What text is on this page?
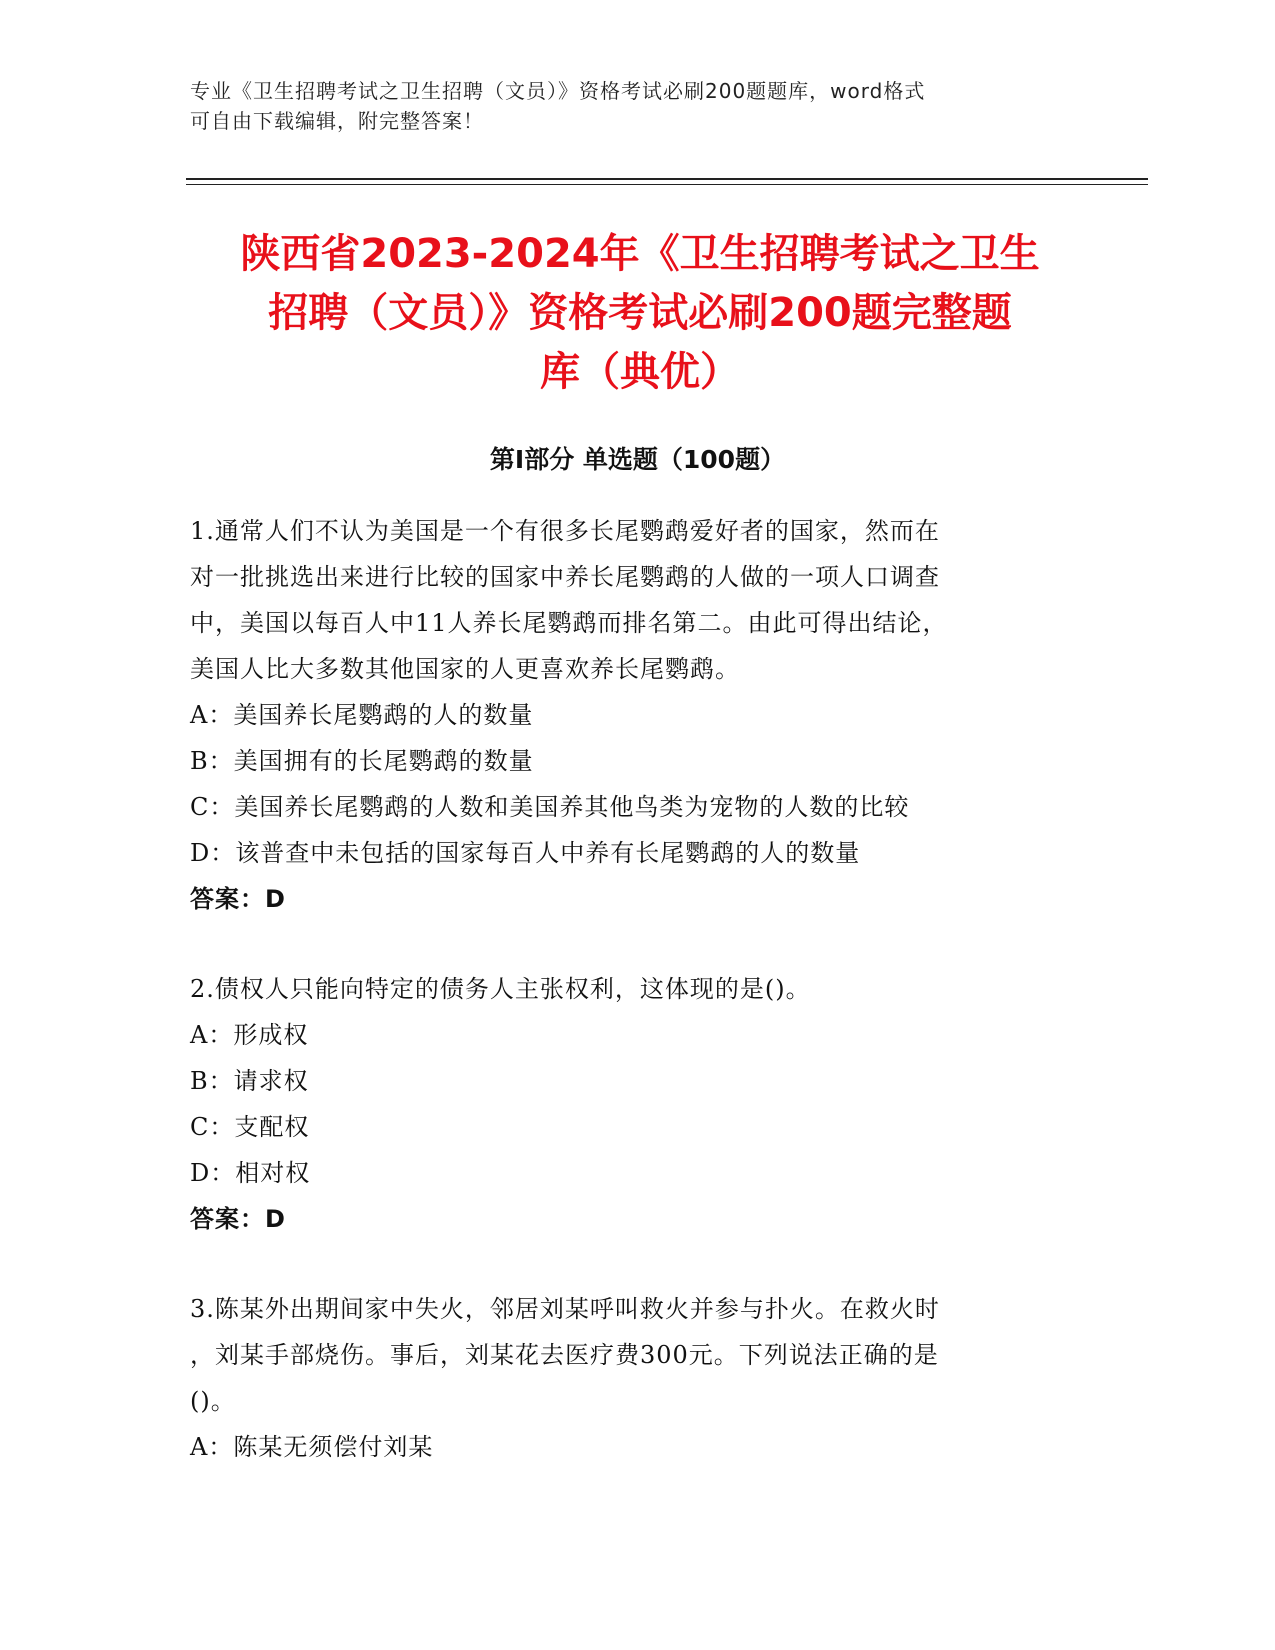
专业《卫生招聘考试之卫生招聘（文员）》资格考试必刷200题题库，word格式
可自由下载编辑，附完整答案！
陕西省2023-2024年《卫生招聘考试之卫生
招聘（文员）》资格考试必刷200题完整题
库（典优）
第I部分 单选题（100题）
1.通常人们不认为美国是一个有很多长尾鹦鹉爱好者的国家，然而在
对一批挑选出来进行比较的国家中养长尾鹦鹉的人做的一项人口调查
中，美国以每百人中11人养长尾鹦鹉而排名第二。由此可得出结论，
美国人比大多数其他国家的人更喜欢养长尾鹦鹉。
A：美国养长尾鹦鹉的人的数量
B：美国拥有的长尾鹦鹉的数量
C：美国养长尾鹦鹉的人数和美国养其他鸟类为宠物的人数的比较
D：该普查中未包括的国家每百人中养有长尾鹦鹉的人的数量
答案：D
2.债权人只能向特定的债务人主张权利，这体现的是()。
A：形成权
B：请求权
C：支配权
D：相对权
答案：D
3.陈某外出期间家中失火，邻居刘某呼叫救火并参与扑火。在救火时
，刘某手部烧伤。事后，刘某花去医疗费300元。下列说法正确的是
()。
A：陈某无须偿付刘某
